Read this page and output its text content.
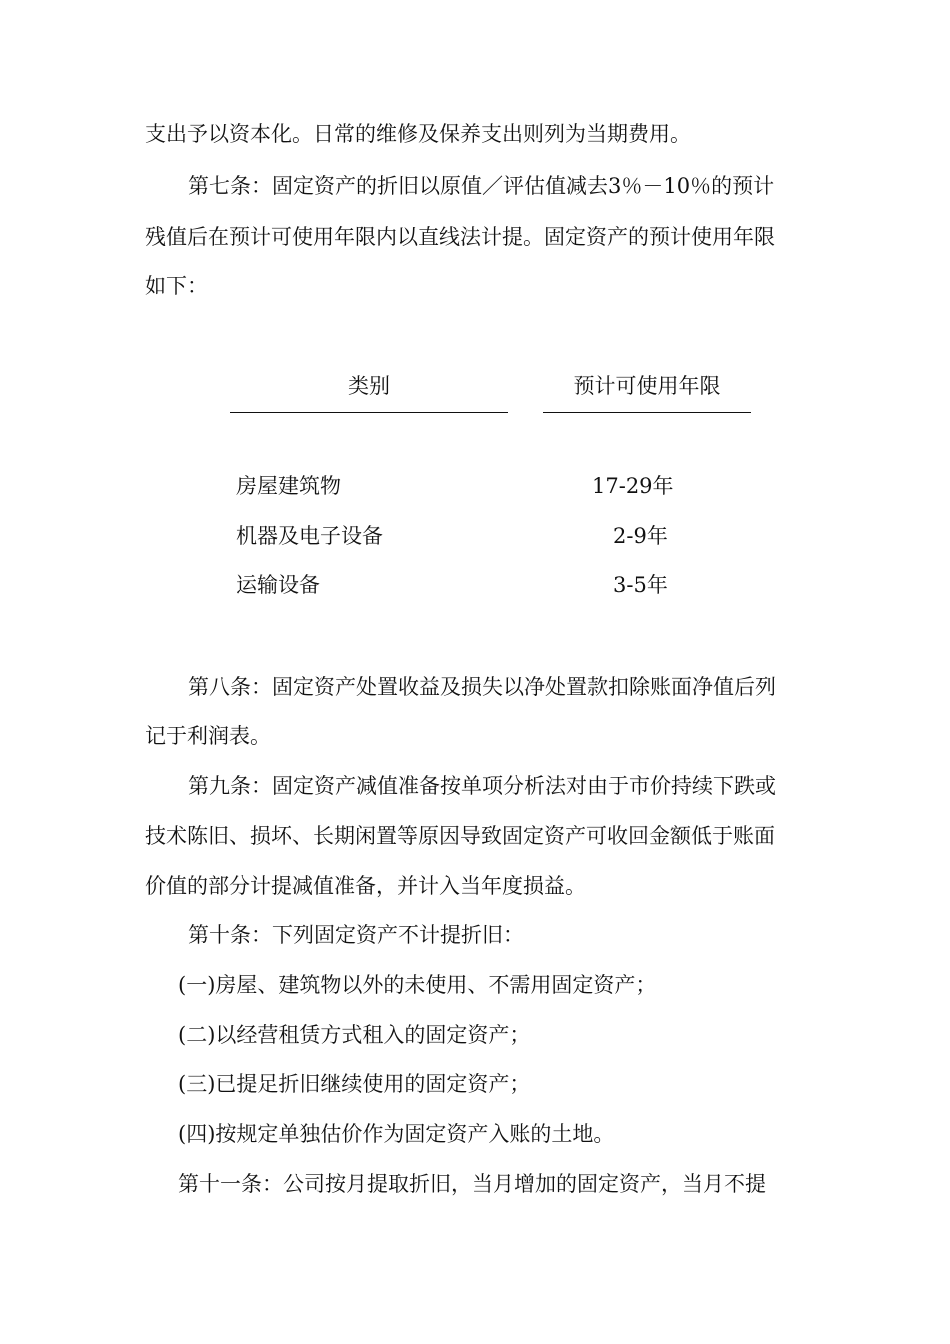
支出予以资本化。日常的维修及保养支出则列为当期费用。
第七条：固定资产的折旧以原值／评估值减去3％－10％的预计
残值后在预计可使用年限内以直线法计提。固定资产的预计使用年限
如下：
类别	预计可使用年限
房屋建筑物	17-29年
机器及电子设备	2-9年
运输设备	3-5年
第八条：固定资产处置收益及损失以净处置款扣除账面净值后列
记于利润表。
第九条：固定资产减值准备按单项分析法对由于市价持续下跌或
技术陈旧、损坏、长期闲置等原因导致固定资产可收回金额低于账面
价值的部分计提减值准备，并计入当年度损益。
第十条：下列固定资产不计提折旧：
(一)房屋、建筑物以外的未使用、不需用固定资产；
(二)以经营租赁方式租入的固定资产；
(三)已提足折旧继续使用的固定资产；
(四)按规定单独估价作为固定资产入账的土地。
第十一条：公司按月提取折旧，当月增加的固定资产，当月不提
